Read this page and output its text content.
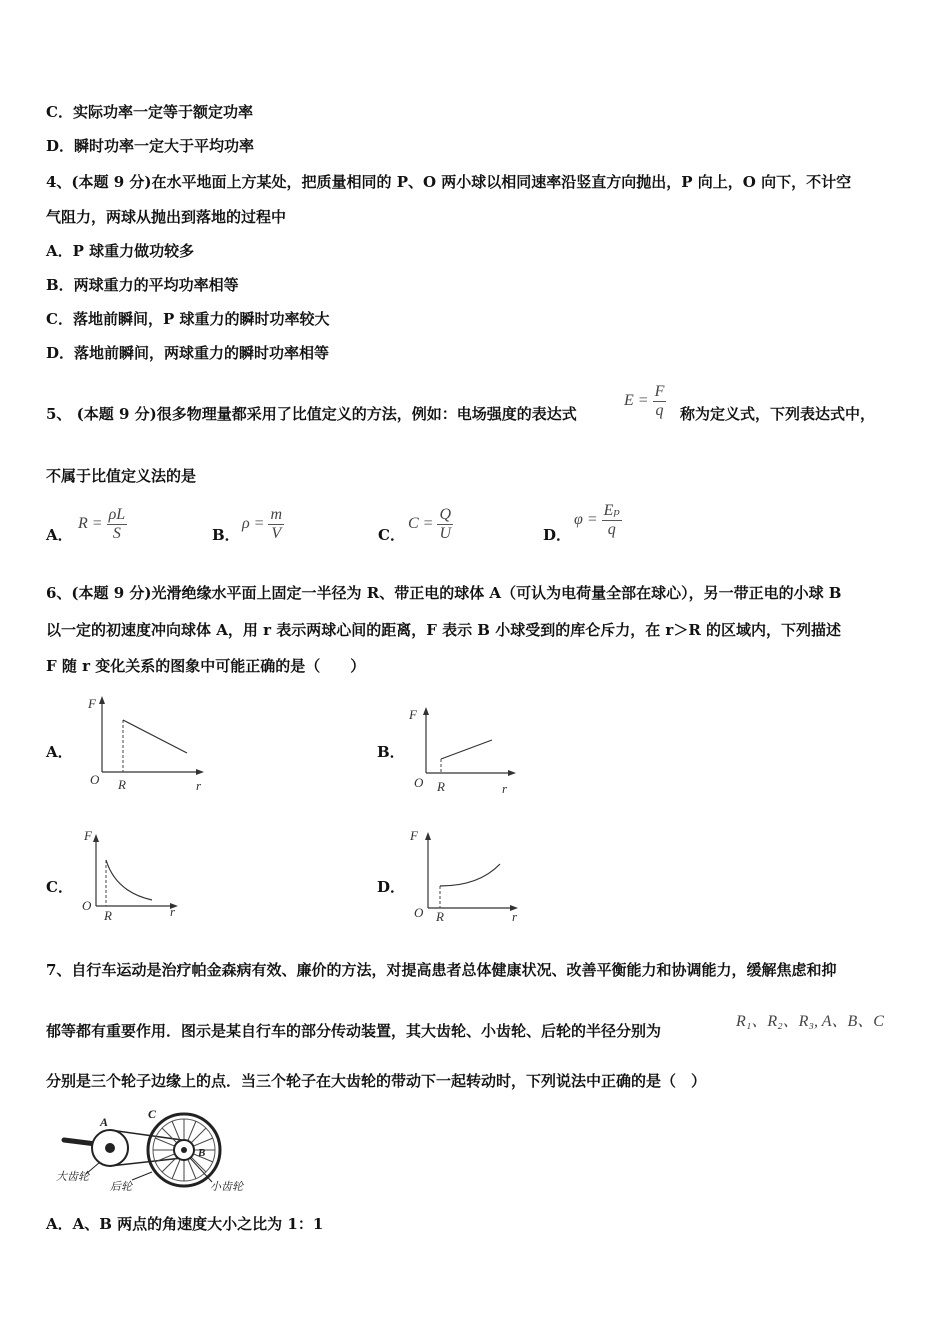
C．实际功率一定等于额定功率
D．瞬时功率一定大于平均功率
4、(本题 9 分)在水平地面上方某处，把质量相同的 P、O 两小球以相同速率沿竖直方向抛出，P 向上，O 向下，不计空
气阻力，两球从抛出到落地的过程中
A．P 球重力做功较多
B．两球重力的平均功率相等
C．落地前瞬间，P 球重力的瞬时功率较大
D．落地前瞬间，两球重力的瞬时功率相等
5、 (本题 9 分)很多物理量都采用了比值定义的方法，例如：电场强度的表达式
$E = \frac{F}{q}$ 称为定义式，下列表达式中，
不属于比值定义法的是
A．
$R = \frac{\rho L}{S}$	B．
$\rho = \frac{m}{V}$	C．
$C = \frac{Q}{U}$	D．
$\varphi = \frac{\text{Eₚ}}{q}$
6、(本题 9 分)光滑绝缘水平面上固定一半径为 R、带正电的球体 A（可认为电荷量全部在球心），另一带正电的小球 B
以一定的初速度冲向球体 A，用 r 表示两球心间的距离，F 表示 B 小球受到的库仑斥力，在 r＞R 的区域内，下列描述
F 随 r 变化关系的图象中可能正确的是（　　）
A．
F
O R	r
B．
F
O R	r
C．
F
O
R	r
D．
F
O R	r
7、自行车运动是治疗帕金森病有效、廉价的方法，对提高患者总体健康状况、改善平衡能力和协调能力，缓解焦虑和抑
郁等都有重要作用．图示是某自行车的部分传动装置，其大齿轮、小齿轮、后轮的半径分别为
R₁、R₂、R₃, A、B、C
分别是三个轮子边缘上的点．当三个轮子在大齿轮的带动下一起转动时，下列说法中正确的是（　）
A
B
C
大齿轮
后轮	小齿轮
A．A、B 两点的角速度大小之比为 1：1
